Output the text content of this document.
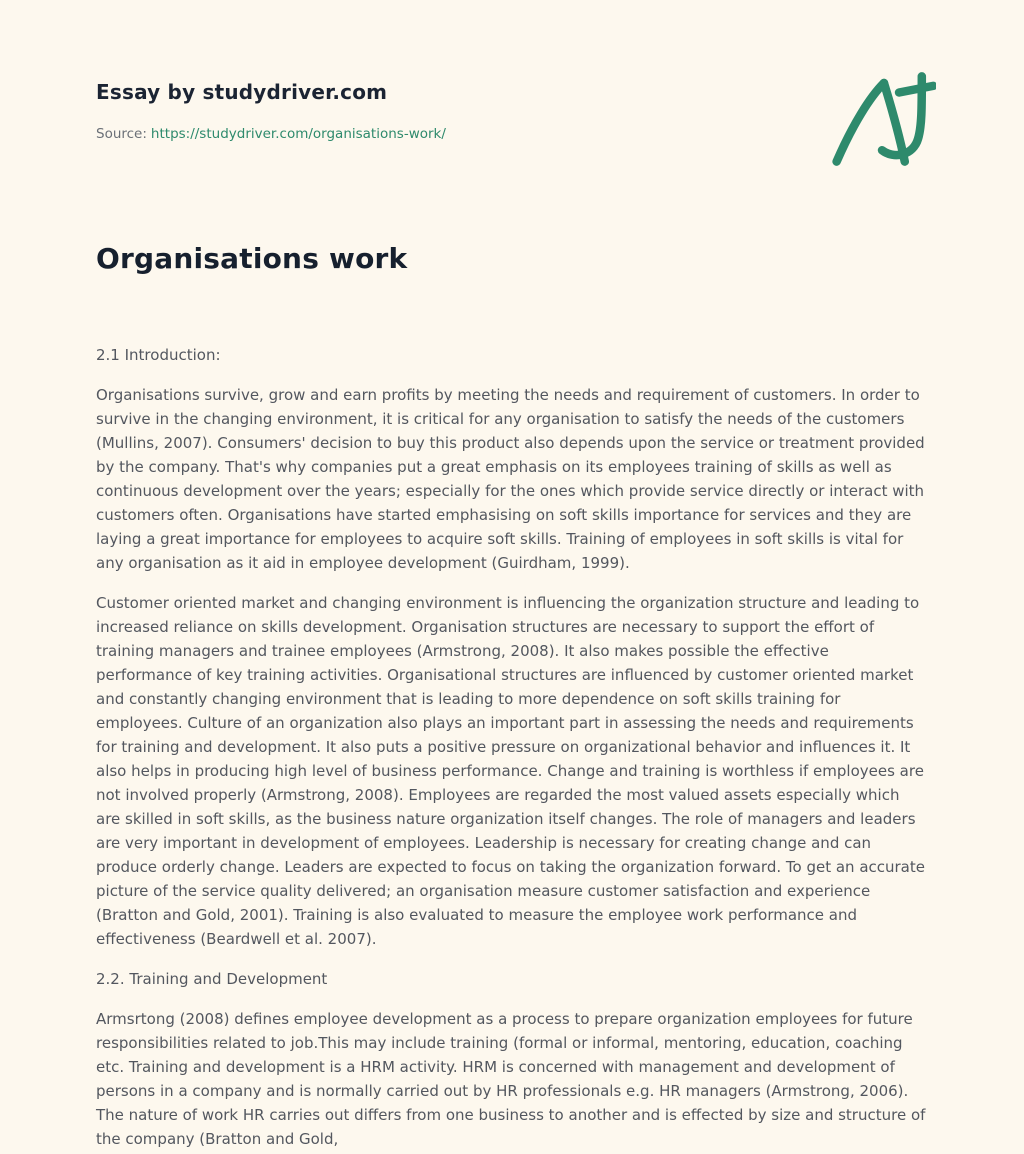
Essay by studydriver.com
Source: https://studydriver.com/organisations-work/
Organisations work
2.1 Introduction:

Organisations survive, grow and earn profits by meeting the needs and requirement of customers. In order to survive in the changing environment, it is critical for any organisation to satisfy the needs of the customers (Mullins, 2007). Consumers' decision to buy this product also depends upon the service or treatment provided by the company. That's why companies put a great emphasis on its employees training of skills as well as continuous development over the years; especially for the ones which provide service directly or interact with customers often. Organisations have started emphasising on soft skills importance for services and they are laying a great importance for employees to acquire soft skills. Training of employees in soft skills is vital for any organisation as it aid in employee development (Guirdham, 1999).

Customer oriented market and changing environment is influencing the organization structure and leading to increased reliance on skills development. Organisation structures are necessary to support the effort of training managers and trainee employees (Armstrong, 2008). It also makes possible the effective performance of key training activities. Organisational structures are influenced by customer oriented market and constantly changing environment that is leading to more dependence on soft skills training for employees. Culture of an organization also plays an important part in assessing the needs and requirements for training and development. It also puts a positive pressure on organizational behavior and influences it. It also helps in producing high level of business performance. Change and training is worthless if employees are not involved properly (Armstrong, 2008). Employees are regarded the most valued assets especially which are skilled in soft skills, as the business nature organization itself changes. The role of managers and leaders are very important in development of employees. Leadership is necessary for creating change and can produce orderly change. Leaders are expected to focus on taking the organization forward. To get an accurate picture of the service quality delivered; an organisation measure customer satisfaction and experience (Bratton and Gold, 2001). Training is also evaluated to measure the employee work performance and effectiveness (Beardwell et al. 2007).

2.2. Training and Development

Armsrtong (2008) defines employee development as a process to prepare organization employees for future responsibilities related to job.This may include training (formal or informal, mentoring, education, coaching etc. Training and development is a HRM activity. HRM is concerned with management and development of persons in a company and is normally carried out by HR professionals e.g. HR managers (Armstrong, 2006). The nature of work HR carries out differs from one business to another and is effected by size and structure of the company (Bratton and Gold,
